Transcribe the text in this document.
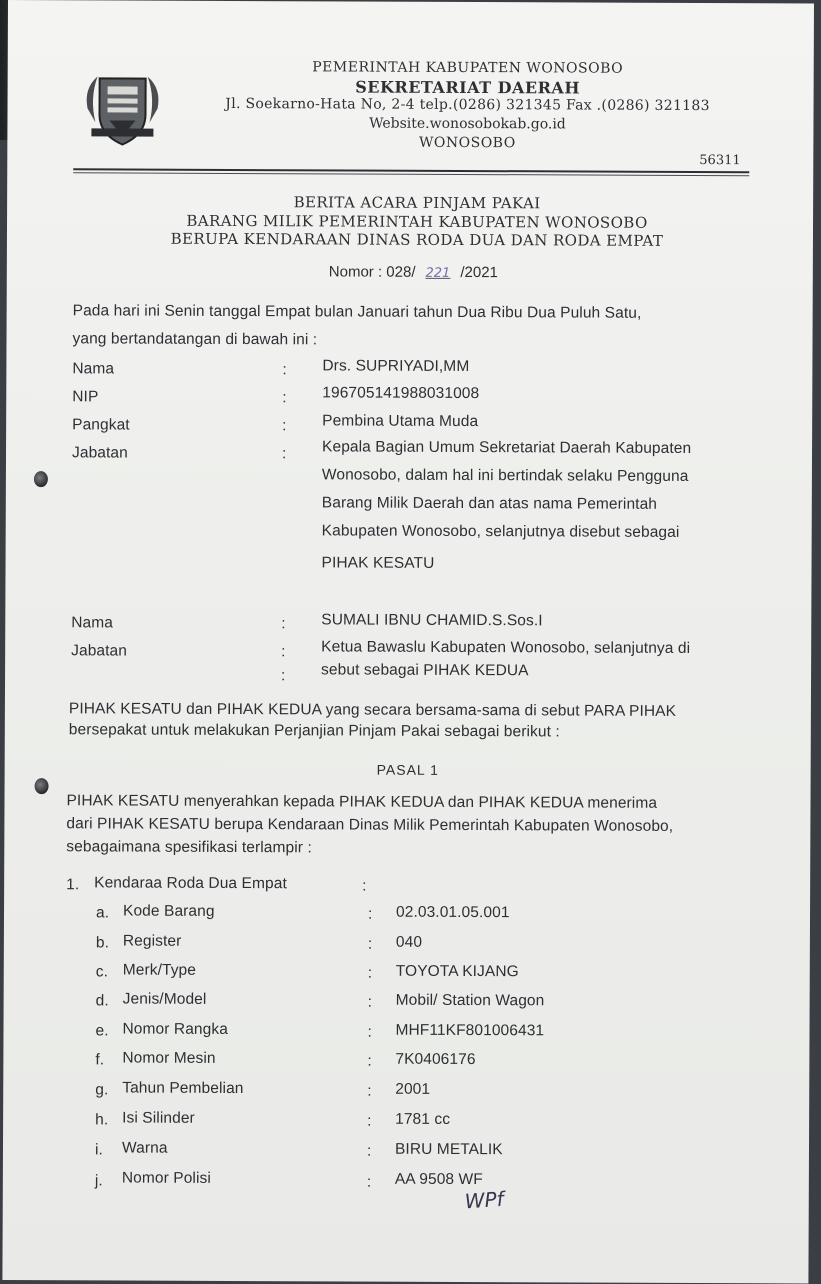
PEMERINTAH KABUPATEN WONOSOBO
SEKRETARIAT DAERAH
Jl. Soekarno-Hata No, 2-4 telp.(0286) 321345 Fax .(0286) 321183
Website.wonosobokab.go.id
WONOSOBO
56311
BERITA ACARA PINJAM PAKAI
BARANG MILIK PEMERINTAH KABUPATEN WONOSOBO
BERUPA KENDARAAN DINAS RODA DUA DAN RODA EMPAT
Nomor : 028/ 221 /2021
Pada hari ini Senin tanggal Empat bulan Januari tahun Dua Ribu Dua Puluh Satu,
yang bertandatangan di bawah ini :
Nama	: Drs. SUPRIYADI,MM
NIP	: 196705141988031008
Pangkat	: Pembina Utama Muda
Jabatan	: Kepala Bagian Umum Sekretariat Daerah Kabupaten
Wonosobo, dalam hal ini bertindak selaku Pengguna
Barang Milik Daerah dan atas nama Pemerintah
Kabupaten Wonosobo, selanjutnya disebut sebagai
PIHAK KESATU
Nama	: SUMALI IBNU CHAMID.S.Sos.I
Jabatan	: Ketua Bawaslu Kabupaten Wonosobo, selanjutnya di
: sebut sebagai PIHAK KEDUA
PIHAK KESATU dan PIHAK KEDUA yang secara bersama-sama di sebut PARA PIHAK
bersepakat untuk melakukan Perjanjian Pinjam Pakai sebagai berikut :
PASAL 1
PIHAK KESATU menyerahkan kepada PIHAK KEDUA dan PIHAK KEDUA menerima
dari PIHAK KESATU berupa Kendaraan Dinas Milik Pemerintah Kabupaten Wonosobo,
sebagaimana spesifikasi terlampir :
1. Kendaraa Roda Dua Empat	:
a. Kode Barang	: 02.03.01.05.001
b. Register	: 040
c. Merk/Type	: TOYOTA KIJANG
d. Jenis/Model	: Mobil/ Station Wagon
e. Nomor Rangka	: MHF11KF801006431
f. Nomor Mesin	: 7K0406176
g. Tahun Pembelian	: 2001
h. Isi Silinder	: 1781 cc
i. Warna	: BIRU METALIK
j. Nomor Polisi	: AA 9508 WF
WPf
